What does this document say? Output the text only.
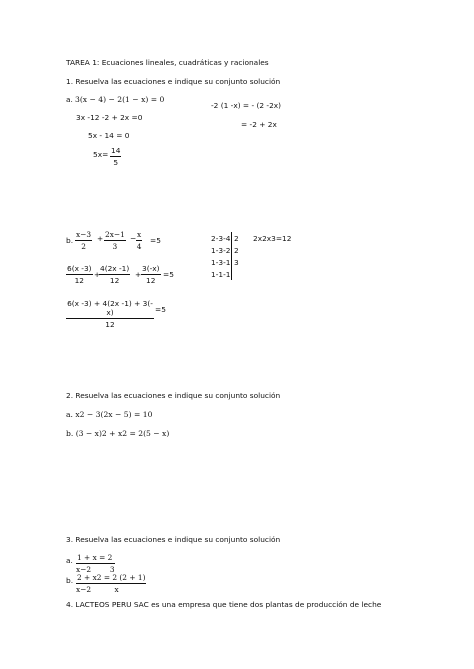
TAREA 1: Ecuaciones lineales, cuadráticas y racionales
1. Resuelva las ecuaciones e indique su conjunto solución
a. 3(x − 4) − 2(1 − x) = 0
3x -12 -2 + 2x =0
5x - 14 = 0
$5x= \frac{14}{5}$
-2 (1 -x) = - (2 -2x)
= -2 + 2x
b. $\frac{x-3}{2} + \frac{2x-1}{3} - \frac{x}{4} =5$
$\frac{6(x -3)}{12}$ +
$\frac{4(2x -1)}{12} + \frac{3(-x)}{12} =5$
$\frac{6(x -3) + 4(2x -1) + 3(-x)}{12} =5$
2-3-4 2 2x2x3=12
1-3-2 2
1-3-1 3
1-1-1
2. Resuelva las ecuaciones e indique su conjunto solución
a. x2 − 3(2x − 5) = 10
b. (3 − x)2 + x2 = 2(5 − x)
3. Resuelva las ecuaciones e indique su conjunto solución
a. $\frac{1 + x = 2}{x-2 3}$
b. $\frac{2 + x2 = 2 (2 + 1)}{x-2 x}$
4. LACTEOS PERU SAC es una empresa que tiene dos plantas de producción de leche
